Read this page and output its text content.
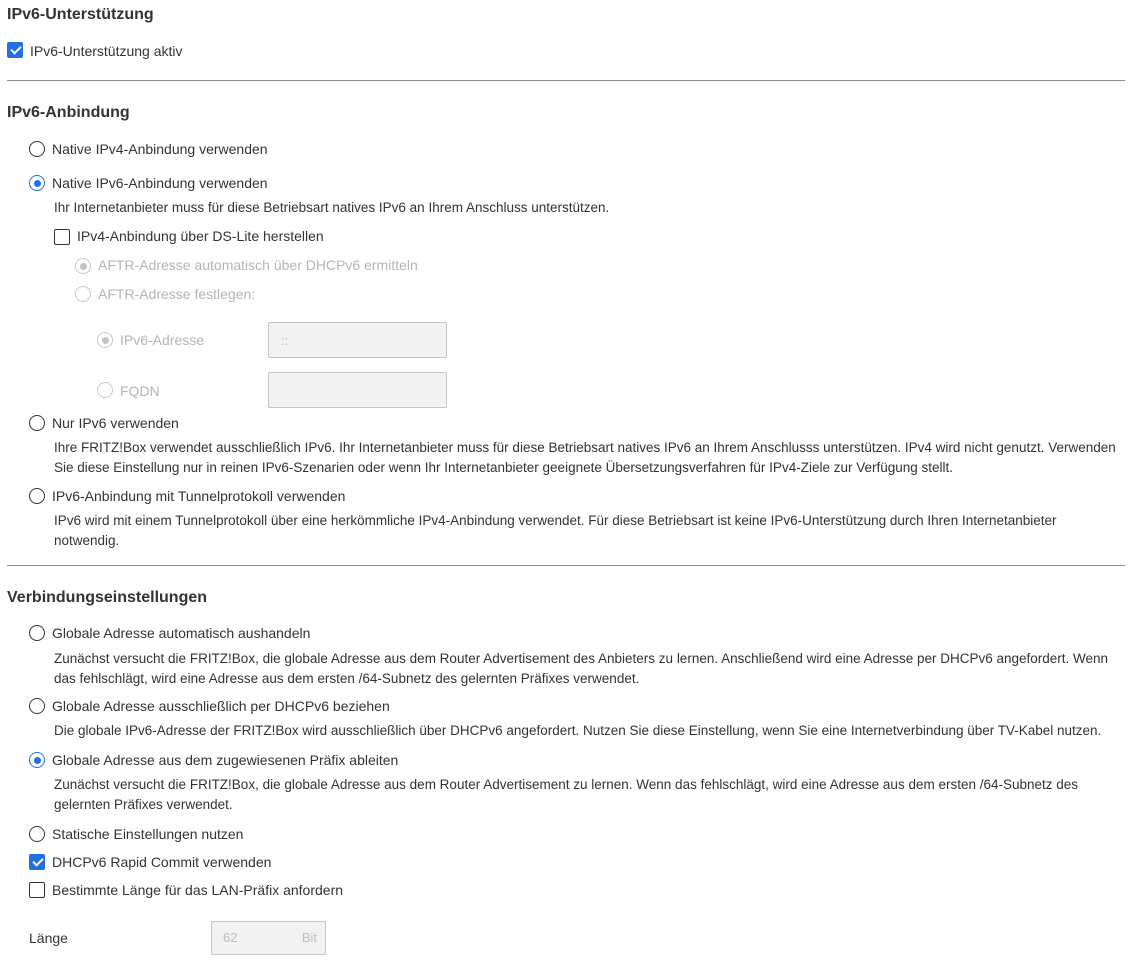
IPv6-Unterstützung
IPv6-Unterstützung aktiv
IPv6-Anbindung
Native IPv4-Anbindung verwenden
Native IPv6-Anbindung verwenden
Ihr Internetanbieter muss für diese Betriebsart natives IPv6 an Ihrem Anschluss unterstützen.
IPv4-Anbindung über DS-Lite herstellen
AFTR-Adresse automatisch über DHCPv6 ermitteln
AFTR-Adresse festlegen:
IPv6-Adresse	::
FQDN
Nur IPv6 verwenden
Ihre FRITZ!Box verwendet ausschließlich IPv6. Ihr Internetanbieter muss für diese Betriebsart natives IPv6 an Ihrem Anschlusss unterstützen. IPv4 wird nicht genutzt. Verwenden Sie diese Einstellung nur in reinen IPv6-Szenarien oder wenn Ihr Internetanbieter geeignete Übersetzungsverfahren für IPv4-Ziele zur Verfügung stellt.
IPv6-Anbindung mit Tunnelprotokoll verwenden
IPv6 wird mit einem Tunnelprotokoll über eine herkömmliche IPv4-Anbindung verwendet. Für diese Betriebsart ist keine IPv6-Unterstützung durch Ihren Internetanbieter notwendig.
Verbindungseinstellungen
Globale Adresse automatisch aushandeln
Zunächst versucht die FRITZ!Box, die globale Adresse aus dem Router Advertisement des Anbieters zu lernen. Anschließend wird eine Adresse per DHCPv6 angefordert. Wenn das fehlschlägt, wird eine Adresse aus dem ersten /64-Subnetz des gelernten Präfixes verwendet.
Globale Adresse ausschließlich per DHCPv6 beziehen
Die globale IPv6-Adresse der FRITZ!Box wird ausschließlich über DHCPv6 angefordert. Nutzen Sie diese Einstellung, wenn Sie eine Internetverbindung über TV-Kabel nutzen.
Globale Adresse aus dem zugewiesenen Präfix ableiten
Zunächst versucht die FRITZ!Box, die globale Adresse aus dem Router Advertisement zu lernen. Wenn das fehlschlägt, wird eine Adresse aus dem ersten /64-Subnetz des gelernten Präfixes verwendet.
Statische Einstellungen nutzen
DHCPv6 Rapid Commit verwenden
Bestimmte Länge für das LAN-Präfix anfordern
Länge	62	Bit
